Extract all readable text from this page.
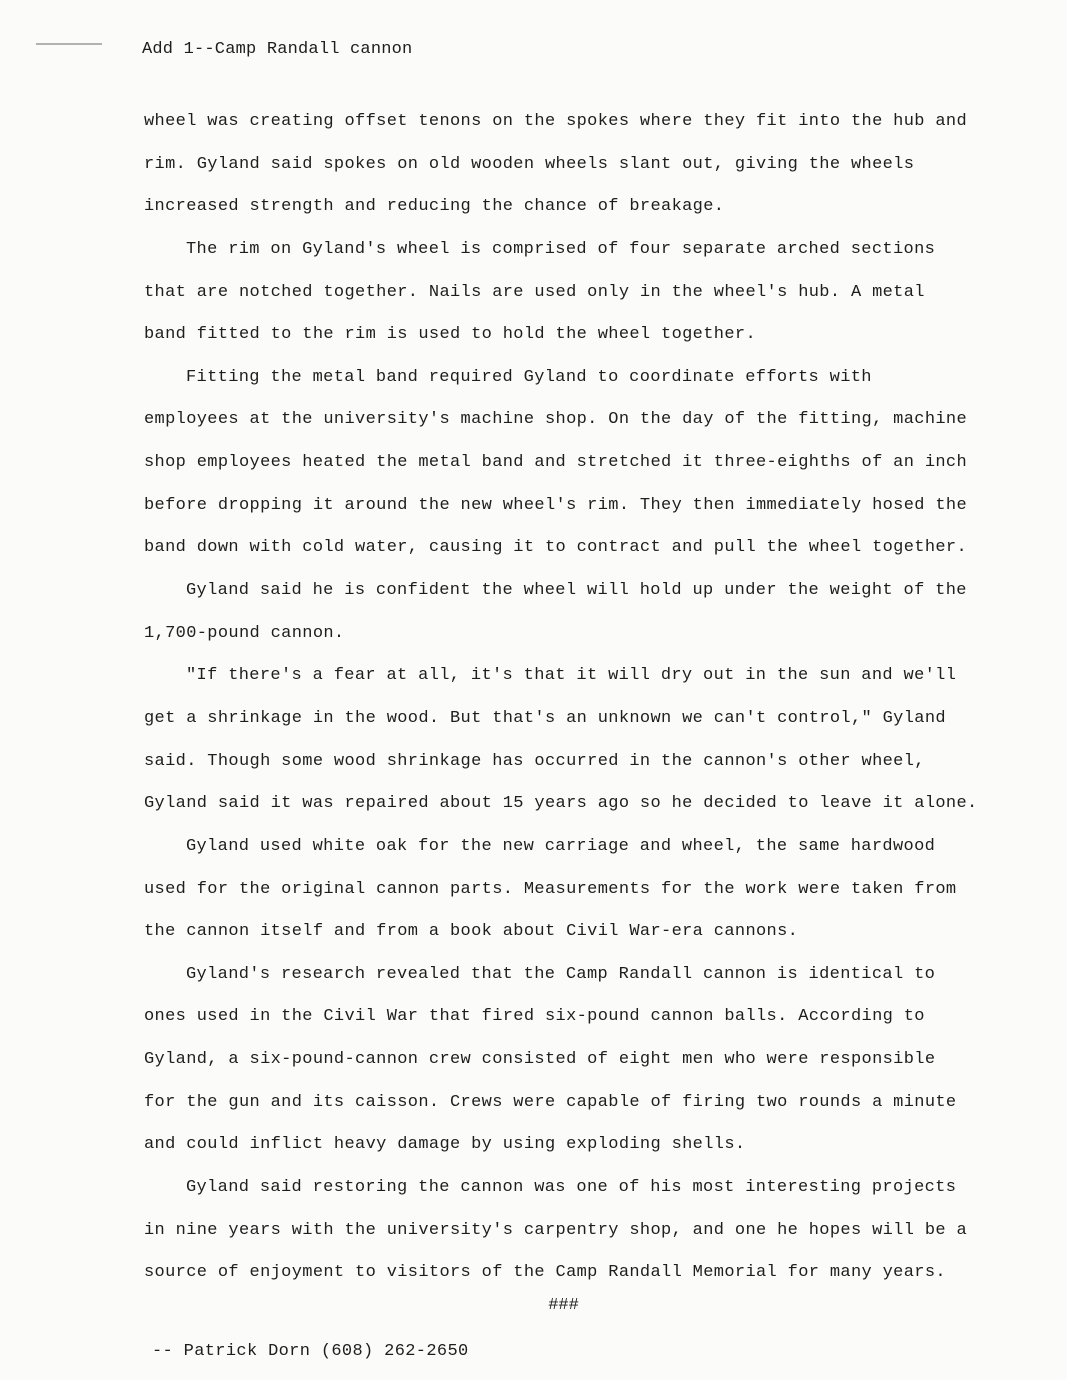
Add 1--Camp Randall cannon
wheel was creating offset tenons on the spokes where they fit into the hub and
rim. Gyland said spokes on old wooden wheels slant out, giving the wheels
increased strength and reducing the chance of breakage.
The rim on Gyland's wheel is comprised of four separate arched sections
that are notched together. Nails are used only in the wheel's hub. A metal
band fitted to the rim is used to hold the wheel together.
Fitting the metal band required Gyland to coordinate efforts with
employees at the university's machine shop. On the day of the fitting, machine
shop employees heated the metal band and stretched it three-eighths of an inch
before dropping it around the new wheel's rim. They then immediately hosed the
band down with cold water, causing it to contract and pull the wheel together.
Gyland said he is confident the wheel will hold up under the weight of the
1,700-pound cannon.
"If there's a fear at all, it's that it will dry out in the sun and we'll
get a shrinkage in the wood. But that's an unknown we can't control," Gyland
said. Though some wood shrinkage has occurred in the cannon's other wheel,
Gyland said it was repaired about 15 years ago so he decided to leave it alone.
Gyland used white oak for the new carriage and wheel, the same hardwood
used for the original cannon parts. Measurements for the work were taken from
the cannon itself and from a book about Civil War-era cannons.
Gyland's research revealed that the Camp Randall cannon is identical to
ones used in the Civil War that fired six-pound cannon balls. According to
Gyland, a six-pound-cannon crew consisted of eight men who were responsible
for the gun and its caisson. Crews were capable of firing two rounds a minute
and could inflict heavy damage by using exploding shells.
Gyland said restoring the cannon was one of his most interesting projects
in nine years with the university's carpentry shop, and one he hopes will be a
source of enjoyment to visitors of the Camp Randall Memorial for many years.
###
-- Patrick Dorn (608) 262-2650
